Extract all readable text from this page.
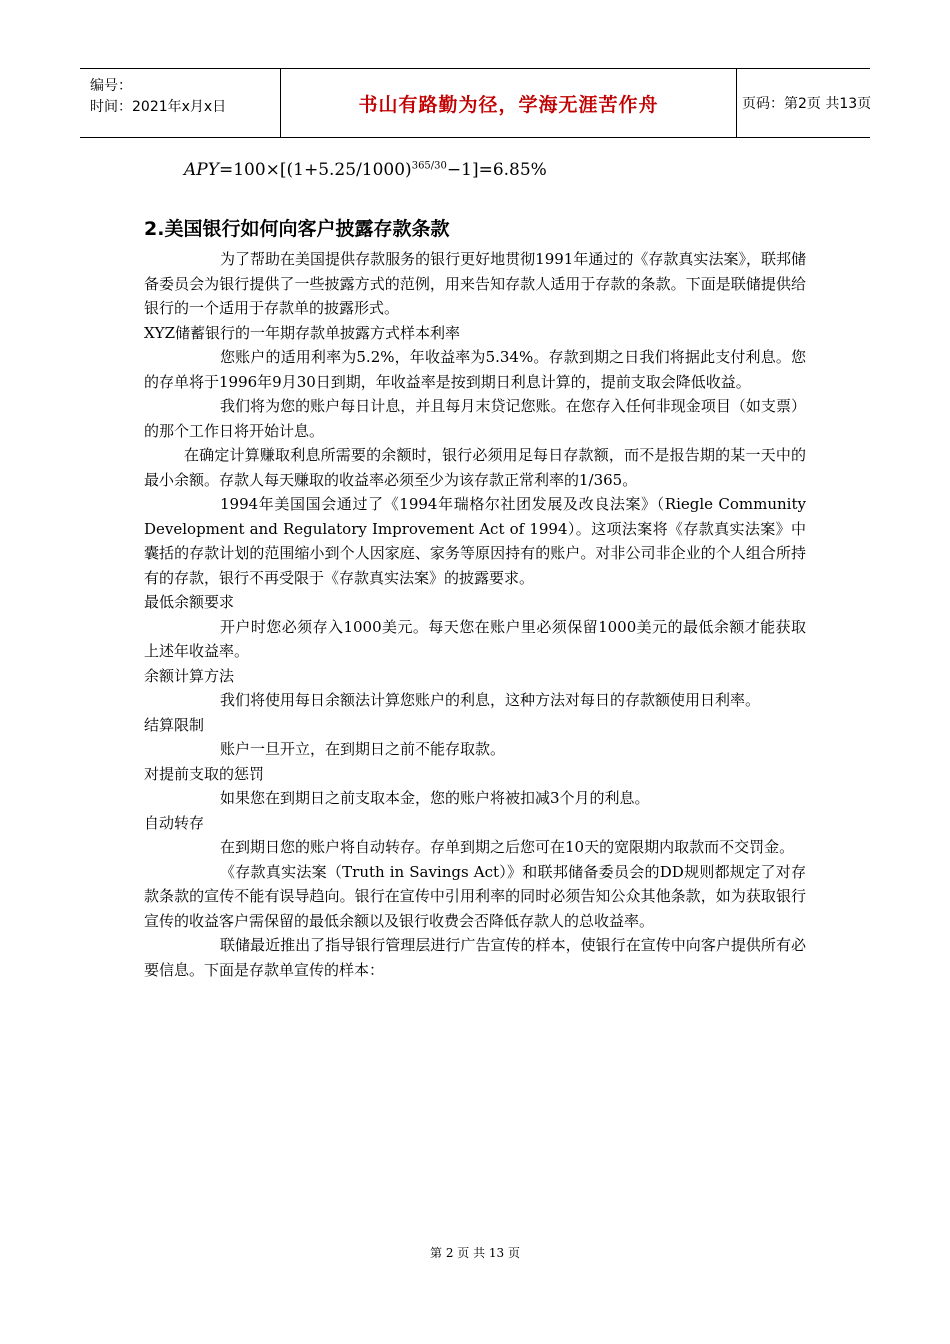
编号：
时间：2021年x月x日	书山有路勤为径，学海无涯苦作舟	页码：第2页 共13页
$APY=100\times[(1+5.25/1000)^{365/30}-1]=6.85\%$
2.美国银行如何向客户披露存款条款

为了帮助在美国提供存款服务的银行更好地贯彻1991年通过的《存款真实法案》，联邦储备委员会为银行提供了一些披露方式的范例，用来告知存款人适用于存款的条款。下面是联储提供给银行的一个适用于存款单的披露形式。

XYZ储蓄银行的一年期存款单披露方式样本利率

您账户的适用利率为5.2%，年收益率为5.34%。存款到期之日我们将据此支付利息。您的存单将于1996年9月30日到期，年收益率是按到期日利息计算的，提前支取会降低收益。

我们将为您的账户每日计息，并且每月末贷记您账。在您存入任何非现金项目（如支票）的那个工作日将开始计息。

在确定计算赚取利息所需要的余额时，银行必须用足每日存款额，而不是报告期的某一天中的最小余额。存款人每天赚取的收益率必须至少为该存款正常利率的1/365。

1994年美国国会通过了《1994年瑞格尔社团发展及改良法案》（Riegle Community Development and Regulatory Improvement Act of 1994）。这项法案将《存款真实法案》中囊括的存款计划的范围缩小到个人因家庭、家务等原因持有的账户。对非公司非企业的个人组合所持有的存款，银行不再受限于《存款真实法案》的披露要求。

最低余额要求

开户时您必须存入1000美元。每天您在账户里必须保留1000美元的最低余额才能获取上述年收益率。

余额计算方法

我们将使用每日余额法计算您账户的利息，这种方法对每日的存款额使用日利率。

结算限制

账户一旦开立，在到期日之前不能存取款。

对提前支取的惩罚

如果您在到期日之前支取本金，您的账户将被扣减3个月的利息。

自动转存

在到期日您的账户将自动转存。存单到期之后您可在10天的宽限期内取款而不交罚金。

《存款真实法案（Truth in Savings Act）》和联邦储备委员会的DD规则都规定了对存款条款的宣传不能有误导趋向。银行在宣传中引用利率的同时必须告知公众其他条款，如为获取银行宣传的收益客户需保留的最低余额以及银行收费会否降低存款人的总收益率。

联储最近推出了指导银行管理层进行广告宣传的样本，使银行在宣传中向客户提供所有必要信息。下面是存款单宣传的样本：

第 2 页 共 13 页
